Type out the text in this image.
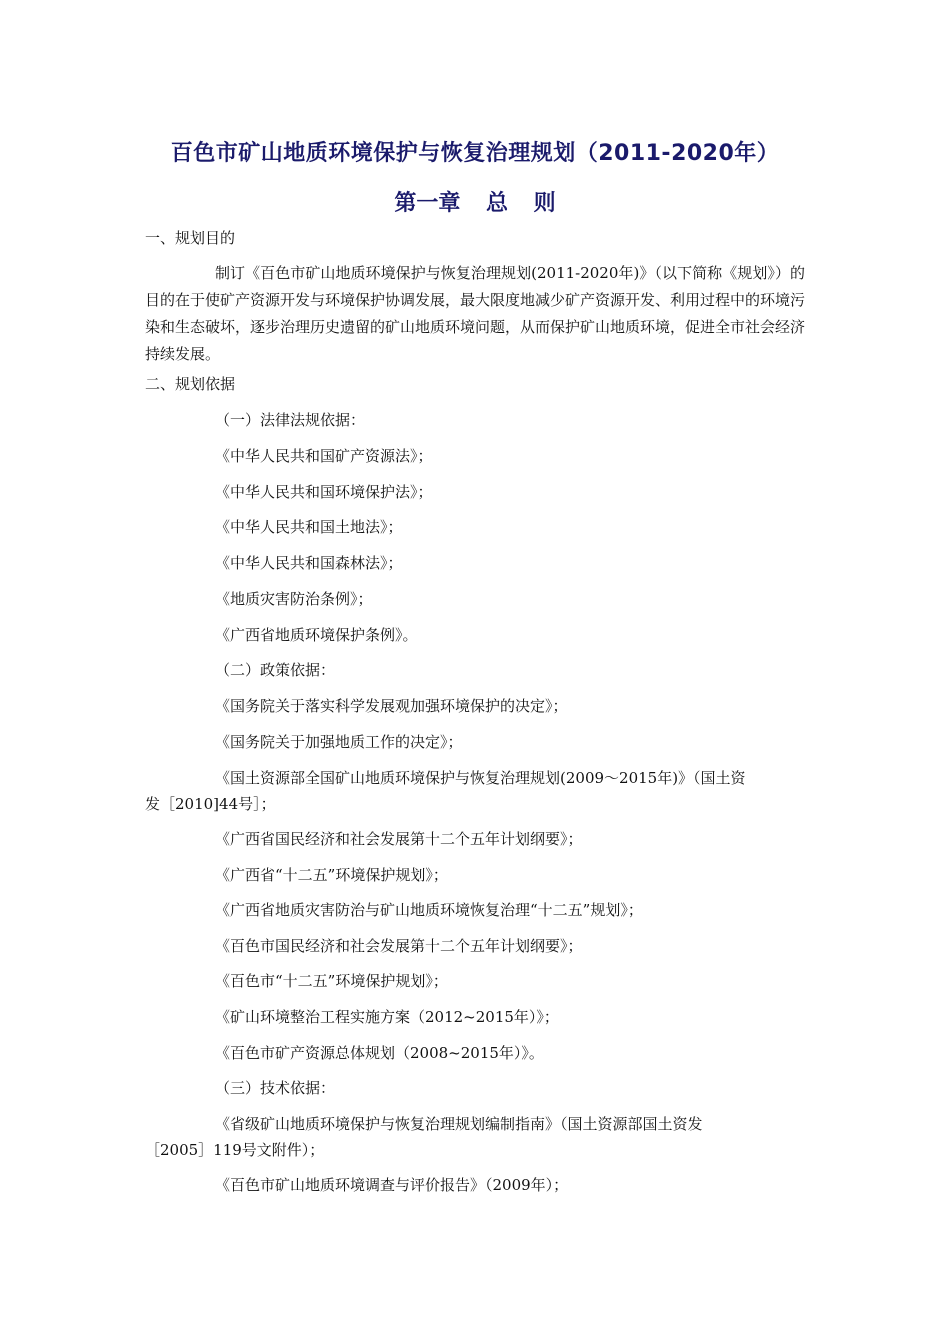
百色市矿山地质环境保护与恢复治理规划（2011-2020年）
第一章 总 则
一、规划目的
制订《百色市矿山地质环境保护与恢复治理规划(2011-2020年)》（以下简称《规划》）的目的在于使矿产资源开发与环境保护协调发展，最大限度地减少矿产资源开发、利用过程中的环境污染和生态破坏，逐步治理历史遗留的矿山地质环境问题，从而保护矿山地质环境，促进全市社会经济持续发展。
二、规划依据
（一）法律法规依据：
《中华人民共和国矿产资源法》；
《中华人民共和国环境保护法》；
《中华人民共和国土地法》；
《中华人民共和国森林法》；
《地质灾害防治条例》；
《广西省地质环境保护条例》。
（二）政策依据：
《国务院关于落实科学发展观加强环境保护的决定》；
《国务院关于加强地质工作的决定》；
《国土资源部全国矿山地质环境保护与恢复治理规划(2009～2015年)》（国土资
发［2010]44号］；
《广西省国民经济和社会发展第十二个五年计划纲要》；
《广西省“十二五”环境保护规划》；
《广西省地质灾害防治与矿山地质环境恢复治理“十二五”规划》；
《百色市国民经济和社会发展第十二个五年计划纲要》；
《百色市“十二五”环境保护规划》；
《矿山环境整治工程实施方案（2012~2015年）》；
《百色市矿产资源总体规划（2008~2015年）》。
（三）技术依据：
《省级矿山地质环境保护与恢复治理规划编制指南》（国土资源部国土资发
［2005］119号文附件）；
《百色市矿山地质环境调查与评价报告》（2009年）；
